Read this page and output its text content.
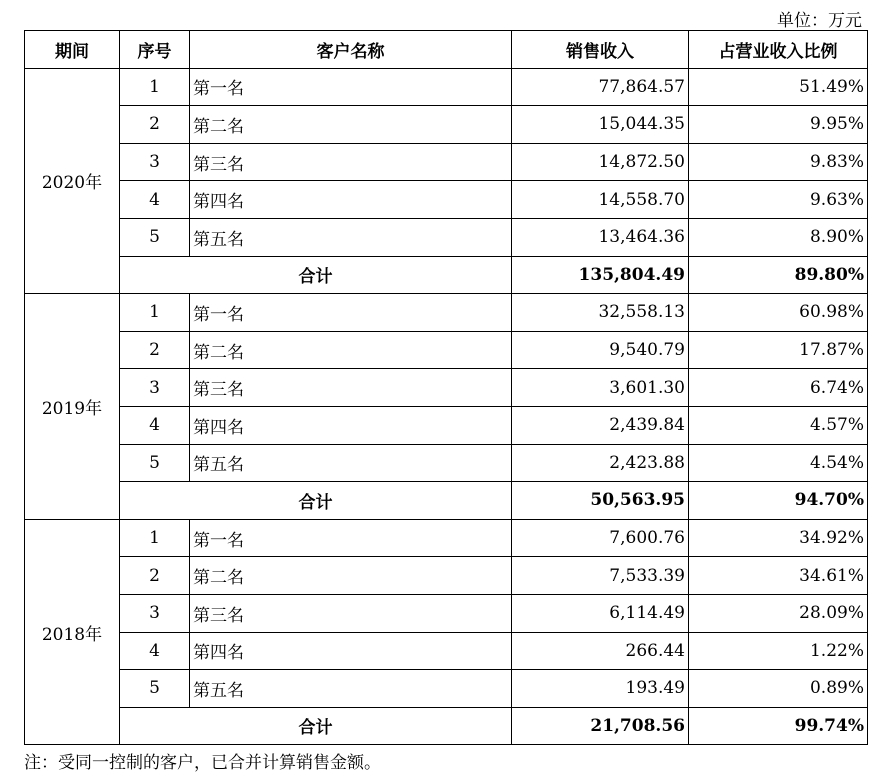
单位：万元
期间	序号	客户名称	销售收入	占营业收入比例
2020年	1	第一名	77,864.57	51.49%
	2	第二名	15,044.35	9.95%
	3	第三名	14,872.50	9.83%
	4	第四名	14,558.70	9.63%
	5	第五名	13,464.36	8.90%
	合计		135,804.49	89.80%
2019年	1	第一名	32,558.13	60.98%
	2	第二名	9,540.79	17.87%
	3	第三名	3,601.30	6.74%
	4	第四名	2,439.84	4.57%
	5	第五名	2,423.88	4.54%
	合计		50,563.95	94.70%
2018年	1	第一名	7,600.76	34.92%
	2	第二名	7,533.39	34.61%
	3	第三名	6,114.49	28.09%
	4	第四名	266.44	1.22%
	5	第五名	193.49	0.89%
	合计		21,708.56	99.74%
注：受同一控制的客户，已合并计算销售金额。
